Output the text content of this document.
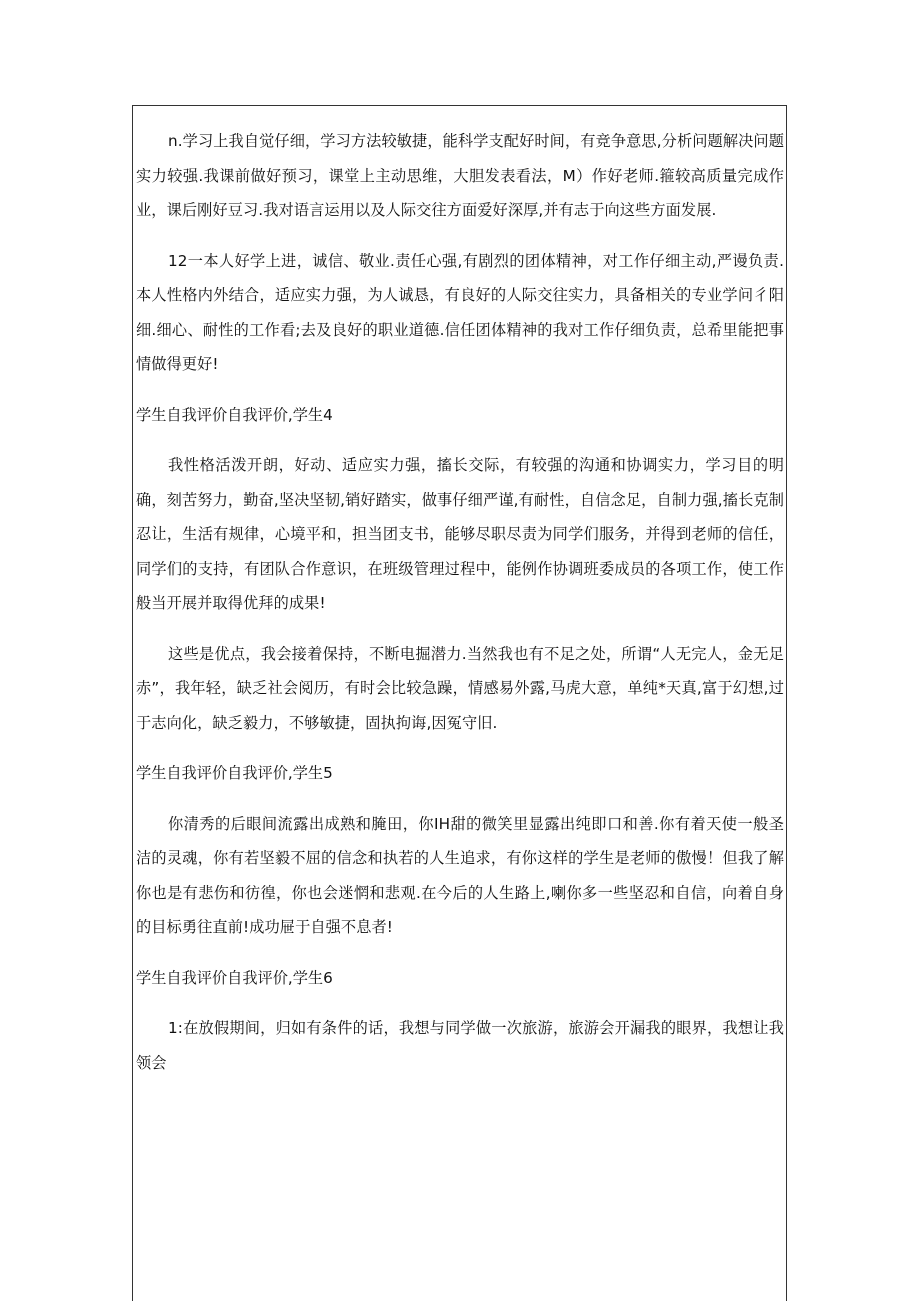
n.学习上我自觉仔细，学习方法较敏捷，能科学支配好时间，有竞争意思,分析问题解决问题实力较强.我课前做好预习，课堂上主动思维，大胆发表看法，M）作好老师.箍较高质量完成作业，课后刚好豆习.我对语言运用以及人际交往方面爱好深厚,并有志于向这些方面发展.

12一本人好学上进，诚信、敬业.责任心强,有剧烈的团体精神，对工作仔细主动,严谩负责.本人性格内外结合，适应实力强，为人诚恳，有良好的人际交往实力，具备相关的专业学问彳阳细.细心、耐性的工作看;去及良好的职业道德.信任团体精神的我对工作仔细负责，总希里能把事情做得更好!

学生自我评价自我评价,学生4

我性格活泼开朗，好动、适应实力强，搐长交际，有较强的沟通和协调实力，学习目的明确，刻苦努力，勤奋,坚决坚韧,销好踏实，做事仔细严谨,有耐性，自信念足，自制力强,搐长克制忍让，生活有规律，心境平和，担当团支书，能够尽职尽责为同学们服务，并得到老师的信任，同学们的支持，有团队合作意识，在班级管理过程中，能例作协调班委成员的各项工作，使工作般当开展并取得优拜的成果!

这些是优点，我会接着保持，不断电掘潜力.当然我也有不足之处，所谓“人无完人，金无足赤”，我年轻，缺乏社会阅历，有时会比较急躁，情感易外露,马虎大意，单纯*天真,富于幻想,过于志向化，缺乏毅力，不够敏捷，固执拘诲,因冤守旧.

学生自我评价自我评价,学生5

你清秀的后眼间流露出成熟和腌田，你IH甜的微笑里显露出纯即口和善.你有着天使一般圣洁的灵魂，你有若坚毅不屈的信念和执若的人生追求，有你这样的学生是老师的傲慢！但我了解你也是有悲伤和彷徨，你也会迷惘和悲观.在今后的人生路上,喇你多一些坚忍和自信，向着自身的目标勇往直前!成功屉于自强不息者!

学生自我评价自我评价,学生6

1:在放假期间，归如有条件的话，我想与同学做一次旅游，旅游会开漏我的眼界，我想让我领会
